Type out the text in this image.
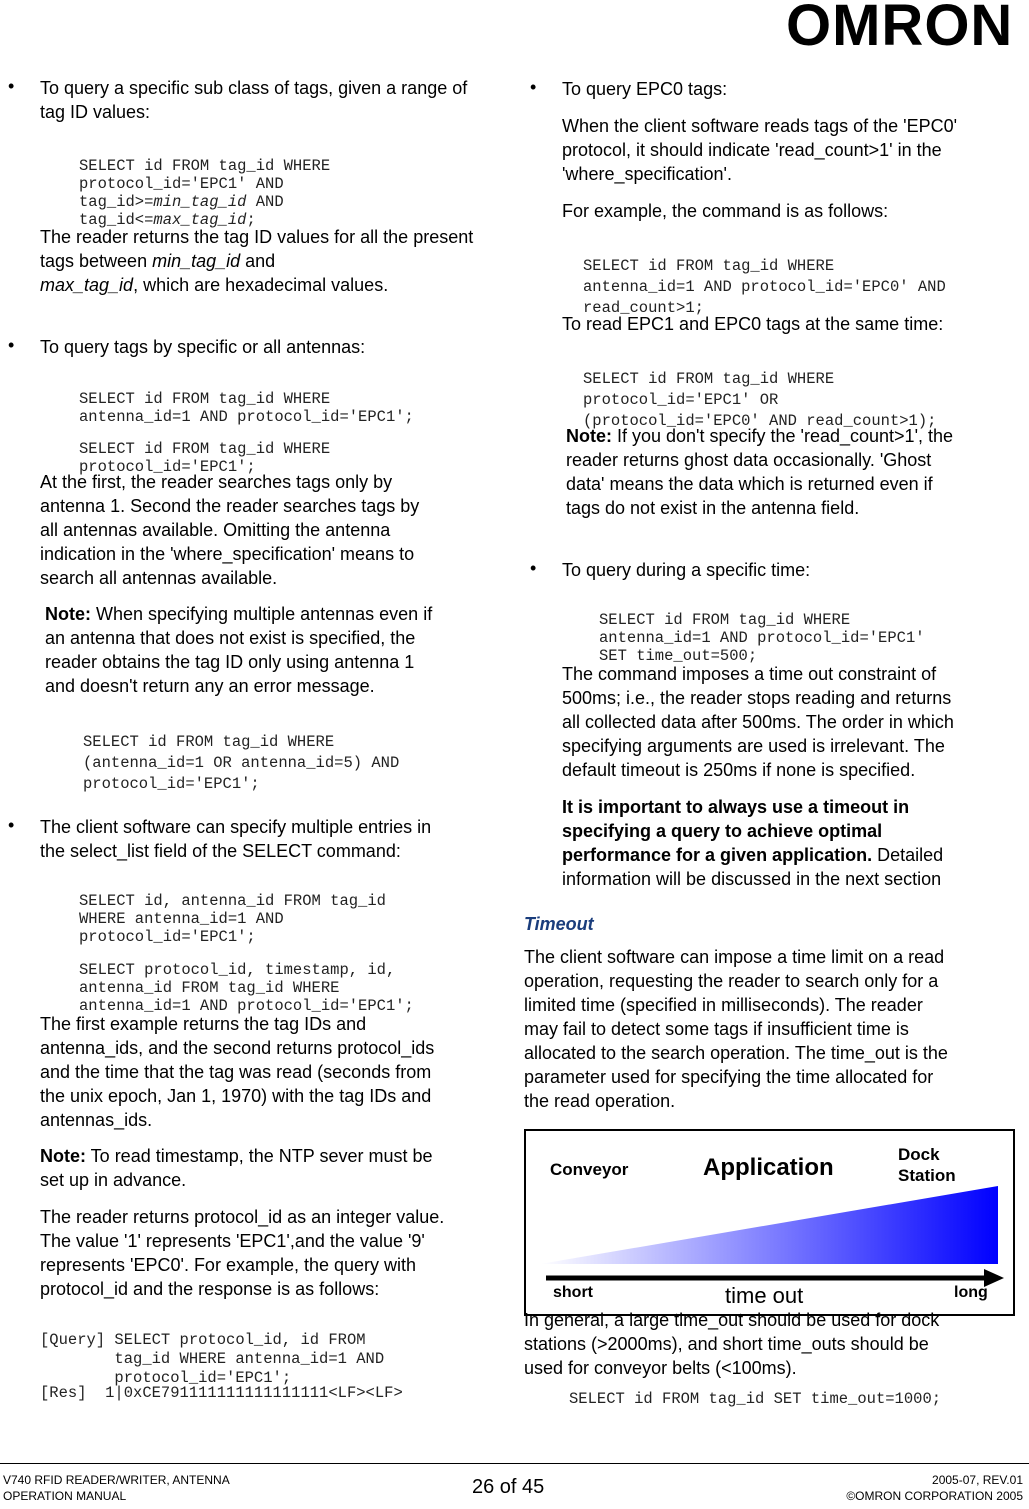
OMRON
• To query a specific sub class of tags, given a range of tag ID values:

SELECT id FROM tag_id WHERE
protocol_id='EPC1' AND
tag_id>=min_tag_id AND
tag_id<=max_tag_id;

The reader returns the tag ID values for all the present tags between min_tag_id and
max_tag_id, which are hexadecimal values.
• To query tags by specific or all antennas:

SELECT id FROM tag_id WHERE
antenna_id=1 AND protocol_id='EPC1';

SELECT id FROM tag_id WHERE
protocol_id='EPC1';

At the first, the reader searches tags only by
antenna 1. Second the reader searches tags by
all antennas available. Omitting the antenna
indication in the 'where_specification' means to
search all antennas available.
Note: When specifying multiple antennas even if
an antenna that does not exist is specified, the
reader obtains the tag ID only using antenna 1
and doesn't return any an error message.

SELECT id FROM tag_id WHERE
(antenna_id=1 OR antenna_id=5) AND
protocol_id='EPC1';

• The client software can specify multiple entries in
the select_list field of the SELECT command:

SELECT id, antenna_id FROM tag_id
WHERE antenna_id=1 AND
protocol_id='EPC1';

SELECT protocol_id, timestamp, id,
antenna_id FROM tag_id WHERE
antenna_id=1 AND protocol_id='EPC1';

The first example returns the tag IDs and
antenna_ids, and the second returns protocol_ids
and the time that the tag was read (seconds from
the unix epoch, Jan 1, 1970) with the tag IDs and
antennas_ids.
Note: To read timestamp, the NTP sever must be
set up in advance.
The reader returns protocol_id as an integer value.
The value '1' represents 'EPC1',and the value '9'
represents 'EPC0'. For example, the query with
protocol_id and the response is as follows:

[Query] SELECT protocol_id, id FROM
tag_id WHERE antenna_id=1 AND
protocol_id='EPC1';

[Res]  1|0xCE791111111111111111<LF><LF>
• To query EPC0 tags:
When the client software reads tags of the 'EPC0'
protocol, it should indicate 'read_count>1' in the
'where_specification'.
For example, the command is as follows:

SELECT id FROM tag_id WHERE
antenna_id=1 AND protocol_id='EPC0' AND
read_count>1;

To read EPC1 and EPC0 tags at the same time:

SELECT id FROM tag_id WHERE
protocol_id='EPC1' OR
(protocol_id='EPC0' AND read_count>1);

Note: If you don't specify the 'read_count>1', the
reader returns ghost data occasionally. 'Ghost
data' means the data which is returned even if
tags do not exist in the antenna field.
• To query during a specific time:

SELECT id FROM tag_id WHERE
antenna_id=1 AND protocol_id='EPC1'
SET time_out=500;

The command imposes a time out constraint of
500ms; i.e., the reader stops reading and returns
all collected data after 500ms. The order in which
specifying arguments are used is irrelevant. The
default timeout is 250ms if none is specified.
It is important to always use a timeout in
specifying a query to achieve optimal
performance for a given application. Detailed
information will be discussed in the next section
Timeout
The client software can impose a time limit on a read
operation, requesting the reader to search only for a
limited time (specified in milliseconds). The reader
may fail to detect some tags if insufficient time is
allocated to the search operation. The time_out is the
parameter used for specifying the time allocated for
the read operation.
Conveyor	Application	Dock
Station
short	time out	long
In general, a large time_out should be used for dock
stations (>2000ms), and short time_outs should be
used for conveyor belts (<100ms).
SELECT id FROM tag_id SET time_out=1000;
V740 RFID READER/WRITER, ANTENNA
OPERATION MANUAL	26 of 45	2005-07, REV.01
©OMRON CORPORATION 2005
